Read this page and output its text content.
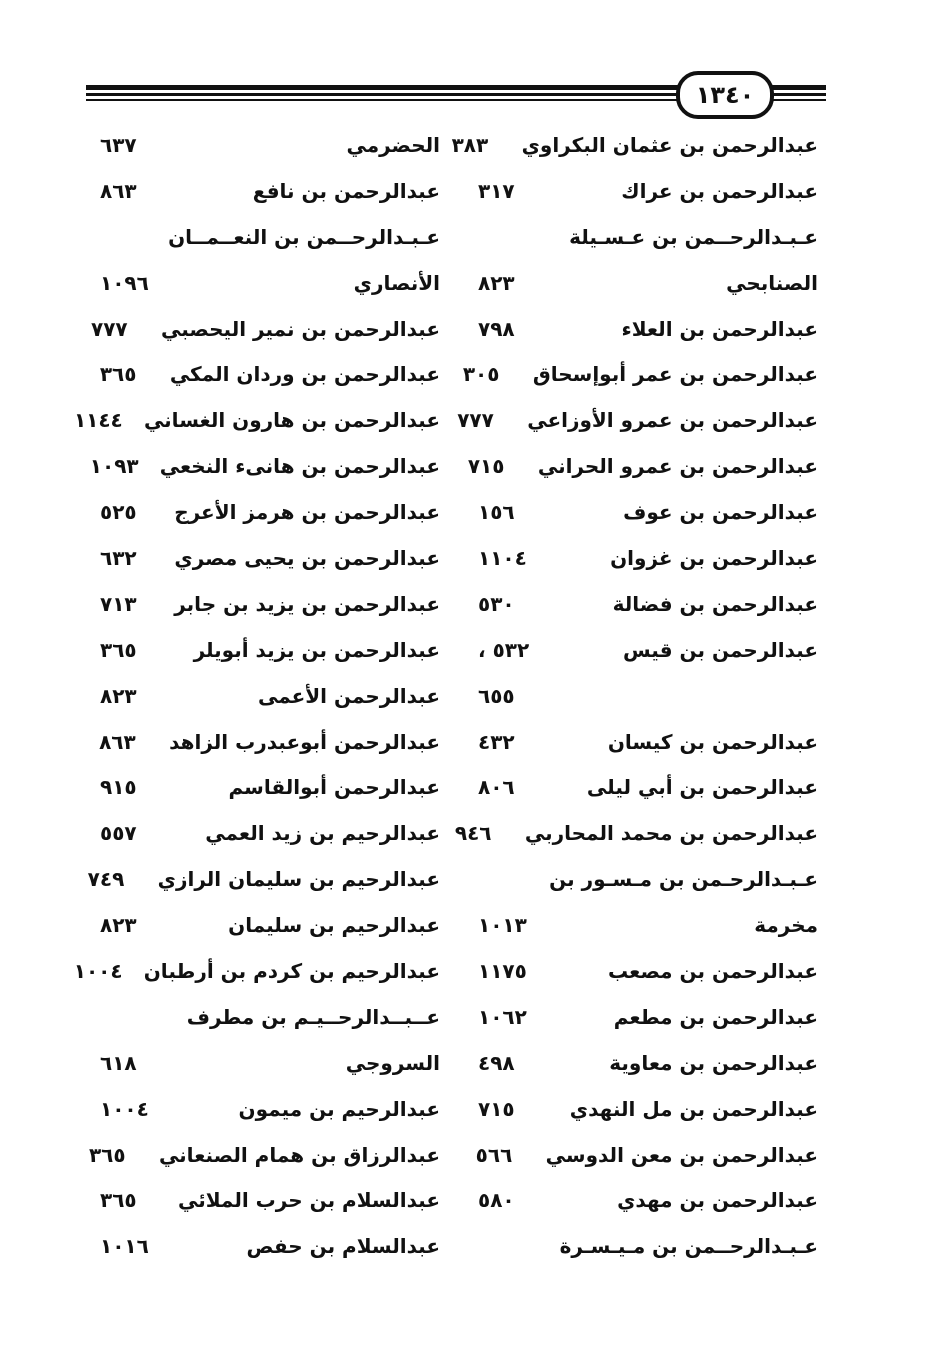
١٣٤٠
عبدالرحمن بن عثمان البكراوي
٣٨٣
عبدالرحمن بن عراك
٣١٧
عـبـدالرحــمن بن عـسـيلة
الصنابحي
٨٢٣
عبدالرحمن بن العلاء
٧٩٨
عبدالرحمن بن عمر أبوإسحاق
٣٠٥
عبدالرحمن بن عمرو الأوزاعي
٧٧٧
عبدالرحمن بن عمرو الحراني
٧١٥
عبدالرحمن بن عوف
١٥٦
عبدالرحمن بن غزوان
١١٠٤
عبدالرحمن بن فضالة
٥٣٠
عبدالرحمن بن قيس
٥٣٢ ،
٦٥٥
عبدالرحمن بن كيسان
٤٣٢
عبدالرحمن بن أبي ليلى
٨٠٦
عبدالرحمن بن محمد المحاربي
٩٤٦
عـبـدالرحـمن بن مـسـور بن
مخرمة
١٠١٣
عبدالرحمن بن مصعب
١١٧٥
عبدالرحمن بن مطعم
١٠٦٢
عبدالرحمن بن معاوية
٤٩٨
عبدالرحمن بن مل النهدي
٧١٥
عبدالرحمن بن معن الدوسي
٥٦٦
عبدالرحمن بن مهدي
٥٨٠
عـبـدالرحــمن بن مـيـسـرة
الحضرمي
٦٣٧
عبدالرحمن بن نافع
٨٦٣
عـبـدالرحــمن بن النعــمــان
الأنصاري
١٠٩٦
عبدالرحمن بن نمير اليحصبي
٧٧٧
عبدالرحمن بن وردان المكي
٣٦٥
عبدالرحمن بن هارون الغساني
١١٤٤
عبدالرحمن بن هانىء النخعي
١٠٩٣
عبدالرحمن بن هرمز الأعرج
٥٢٥
عبدالرحمن بن يحيى مصري
٦٣٢
عبدالرحمن بن يزيد بن جابر
٧١٣
عبدالرحمن بن يزيد أبويلر
٣٦٥
عبدالرحمن الأعمى
٨٢٣
عبدالرحمن أبوعبدرب الزاهد
٨٦٣
عبدالرحمن أبوالقاسم
٩١٥
عبدالرحيم بن زيد العمي
٥٥٧
عبدالرحيم بن سليمان الرازي
٧٤٩
عبدالرحيم بن سليمان
٨٢٣
عبدالرحيم بن كردم بن أرطبان
١٠٠٤
عــبــدالرحــيـم بن مطرف
السروجي
٦١٨
عبدالرحيم بن ميمون
١٠٠٤
عبدالرزاق بن همام الصنعاني
٣٦٥
عبدالسلام بن حرب الملائي
٣٦٥
عبدالسلام بن حفص
١٠١٦
